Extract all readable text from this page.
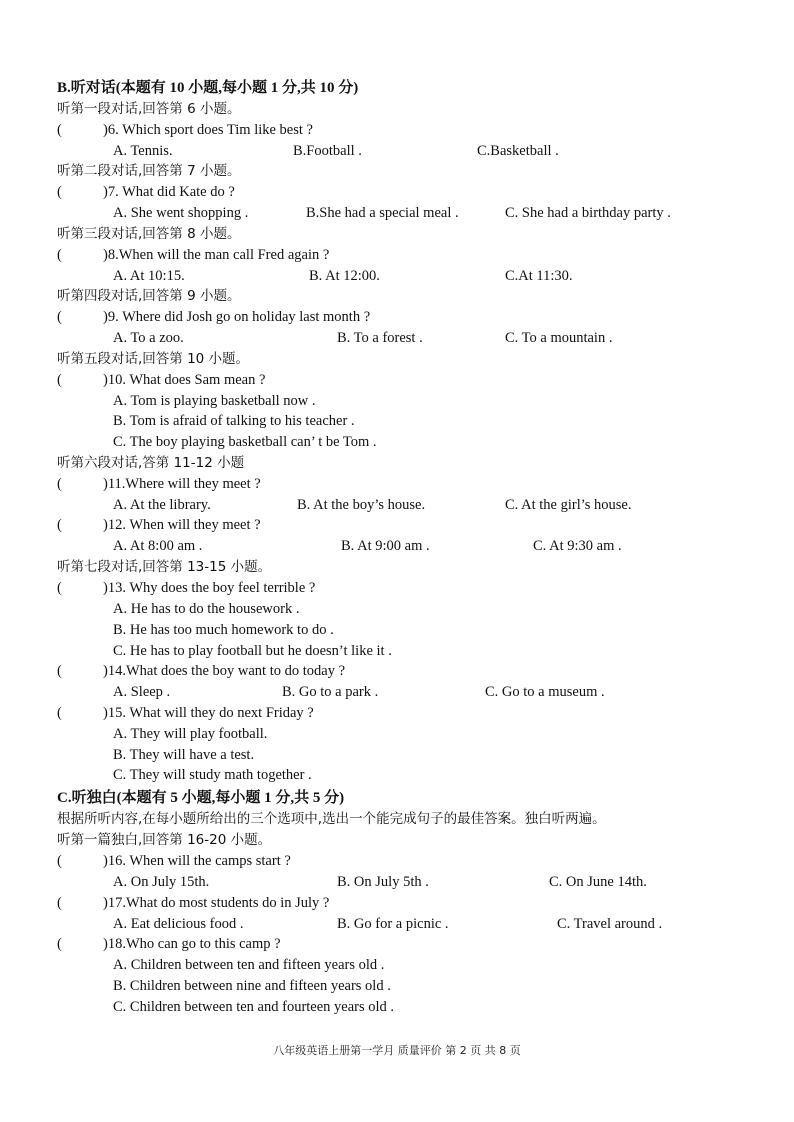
B.听对话(本题有 10 小题,每小题 1 分,共 10 分)
听第一段对话,回答第 6 小题。
(	)6. Which sport does Tim like best ?
A. Tennis.	B.Football .	C.Basketball .
听第二段对话,回答第 7 小题。
(	)7. What did Kate do ?
A. She went shopping .	B.She had a special meal .	C. She had a birthday party .
听第三段对话,回答第 8 小题。
(	)8.When will the man call Fred again ?
A. At 10:15.	B. At 12:00.	C.At 11:30.
听第四段对话,回答第 9 小题。
(	)9. Where did Josh go on holiday last month ?
A. To a zoo.	B. To a forest .	C. To a mountain .
听第五段对话,回答第 10 小题。
(	)10. What does Sam mean ?
A. Tom is playing basketball now .
B. Tom is afraid of talking to his teacher .
C. The boy playing basketball can’ t be Tom .
听第六段对话,答第 11-12 小题
(	)11.Where will they meet ?
A. At the library.	B. At the boy’s house.	C. At the girl’s house.
(	)12. When will they meet ?
A. At 8:00 am .	B. At 9:00 am .	C. At 9:30 am .
听第七段对话,回答第 13-15 小题。
(	)13. Why does the boy feel terrible ?
A. He has to do the housework .
B. He has too much homework to do .
C. He has to play football but he doesn’t like it .
(	)14.What does the boy want to do today ?
A. Sleep .	B. Go to a park .	C. Go to a museum .
(	)15. What will they do next Friday ?
A. They will play football.
B. They will have a test.
C. They will study math together .
C.听独白(本题有 5 小题,每小题 1 分,共 5 分)
根据所听内容,在每小题所给出的三个选项中,选出一个能完成句子的最佳答案。独白听两遍。
听第一篇独白,回答第 16-20 小题。
(	)16. When will the camps start ?
A. On July 15th.	B. On July 5th .	C. On June 14th.
(	)17.What do most students do in July ?
A. Eat delicious food .	B. Go for a picnic .	C. Travel around .
(	)18.Who can go to this camp ?
A. Children between ten and fifteen years old .
B. Children between nine and fifteen years old .
C. Children between ten and fourteen years old .
八年级英语上册第一学月 质量评价 第 2 页 共 8 页
